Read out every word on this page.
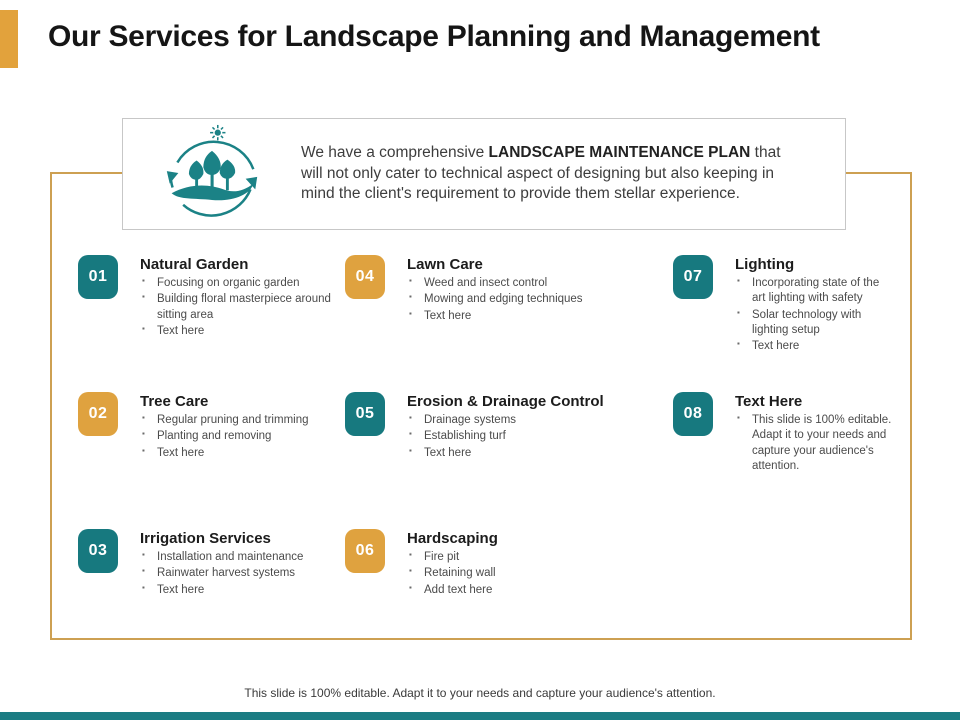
Our Services for Landscape Planning and Management

We have a comprehensive LANDSCAPE MAINTENANCE PLAN that will not only cater to technical aspect of designing but also keeping in mind the client's requirement to provide them stellar experience.

01
Natural Garden
▪ Focusing on organic garden
▪ Building floral masterpiece around sitting area
▪ Text here
02
Tree Care
▪ Regular pruning and trimming
▪ Planting and removing
▪ Text here
03
Irrigation Services
▪ Installation and maintenance
▪ Rainwater harvest systems
▪ Text here
04
Lawn Care
▪ Weed and insect control
▪ Mowing and edging techniques
▪ Text here
05
Erosion & Drainage Control
▪ Drainage systems
▪ Establishing turf
▪ Text here
06
Hardscaping
▪ Fire pit
▪ Retaining wall
▪ Add text here
07
Lighting
▪ Incorporating state of the art lighting with safety
▪ Solar technology with lighting setup
▪ Text here
08
Text Here
▪ This slide is 100% editable. Adapt it to your needs and capture your audience's attention.
This slide is 100% editable. Adapt it to your needs and capture your audience's attention.
